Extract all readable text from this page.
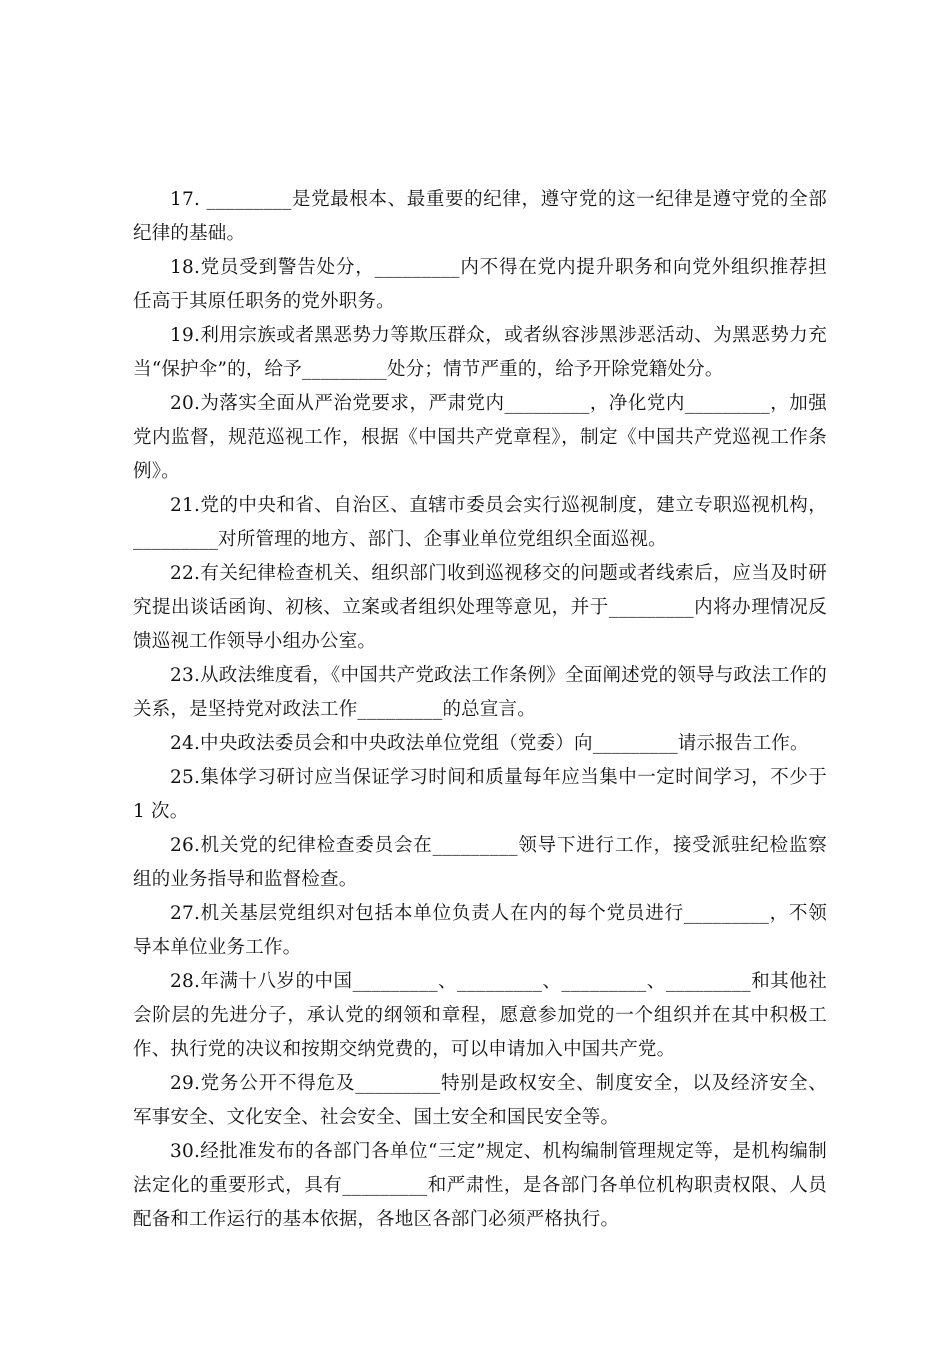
17. _________是党最根本、最重要的纪律，遵守党的这一纪律是遵守党的全部纪律的基础。

18.党员受到警告处分，_________内不得在党内提升职务和向党外组织推荐担任高于其原任职务的党外职务。

19.利用宗族或者黑恶势力等欺压群众，或者纵容涉黑涉恶活动、为黑恶势力充当“保护伞”的，给予_________处分；情节严重的，给予开除党籍处分。

20.为落实全面从严治党要求，严肃党内_________，净化党内_________，加强党内监督，规范巡视工作，根据《中国共产党章程》，制定《中国共产党巡视工作条例》。

21.党的中央和省、自治区、直辖市委员会实行巡视制度，建立专职巡视机构，_________对所管理的地方、部门、企事业单位党组织全面巡视。

22.有关纪律检查机关、组织部门收到巡视移交的问题或者线索后，应当及时研究提出谈话函询、初核、立案或者组织处理等意见，并于_________内将办理情况反馈巡视工作领导小组办公室。

23.从政法维度看，《中国共产党政法工作条例》全面阐述党的领导与政法工作的关系，是坚持党对政法工作_________的总宣言。

24.中央政法委员会和中央政法单位党组（党委）向_________请示报告工作。

25.集体学习研讨应当保证学习时间和质量每年应当集中一定时间学习，不少于 1 次。

26.机关党的纪律检查委员会在_________领导下进行工作，接受派驻纪检监察组的业务指导和监督检查。

27.机关基层党组织对包括本单位负责人在内的每个党员进行_________，不领导本单位业务工作。

28.年满十八岁的中国_________、_________、_________、_________和其他社会阶层的先进分子，承认党的纲领和章程，愿意参加党的一个组织并在其中积极工作、执行党的决议和按期交纳党费的，可以申请加入中国共产党。

29.党务公开不得危及_________特别是政权安全、制度安全，以及经济安全、军事安全、文化安全、社会安全、国土安全和国民安全等。

30.经批准发布的各部门各单位“三定”规定、机构编制管理规定等，是机构编制法定化的重要形式，具有_________和严肃性，是各部门各单位机构职责权限、人员配备和工作运行的基本依据，各地区各部门必须严格执行。
